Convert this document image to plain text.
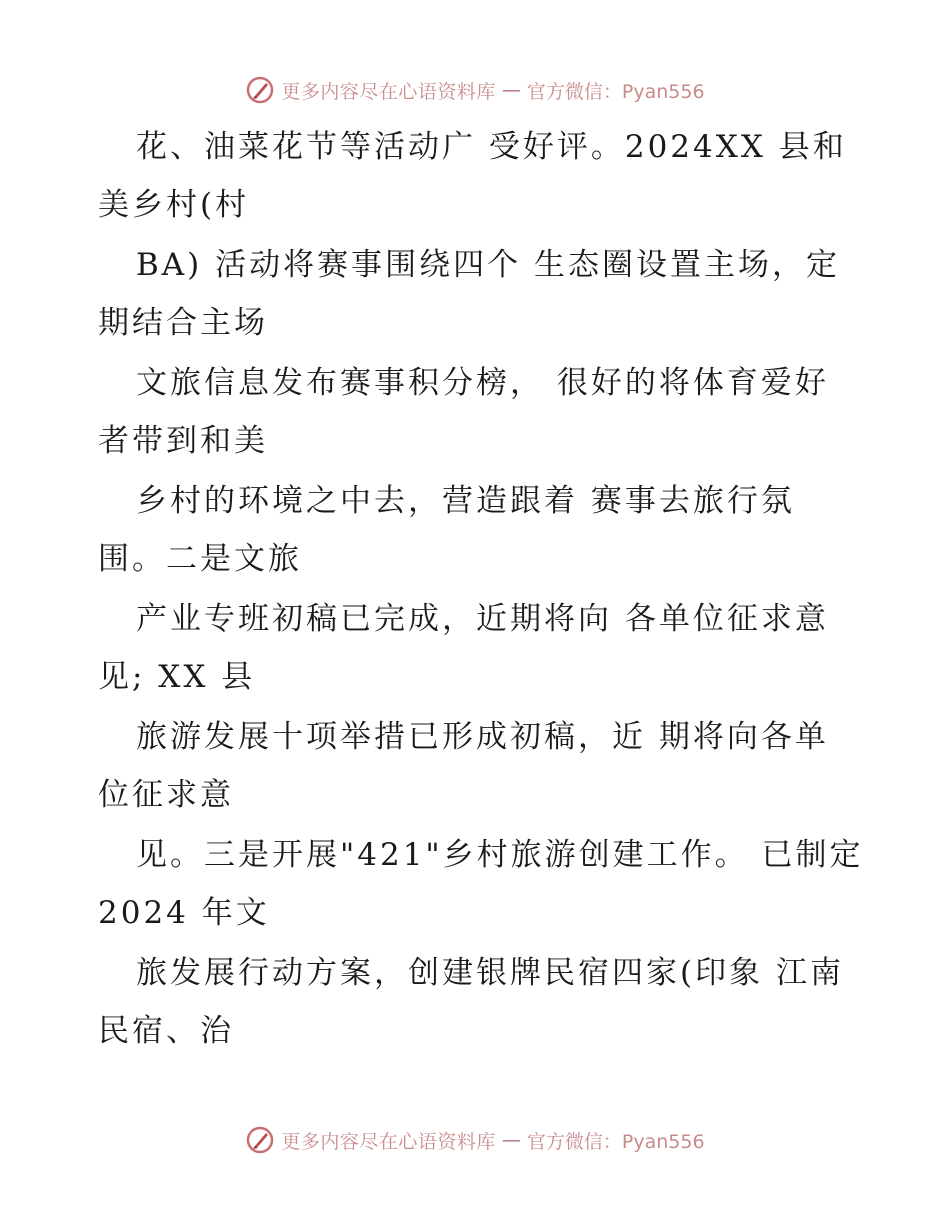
更多内容尽在心语资料库 — 官方微信：Pyan556
花、油菜花节等活动广 受好评。2024XX 县和
美乡村(村
BA) 活动将赛事围绕四个 生态圈设置主场，定
期结合主场
文旅信息发布赛事积分榜， 很好的将体育爱好
者带到和美
乡村的环境之中去，营造跟着 赛事去旅行氛
围。二是文旅
产业专班初稿已完成，近期将向 各单位征求意
见; XX 县
旅游发展十项举措已形成初稿，近 期将向各单
位征求意
见。三是开展"421"乡村旅游创建工作。 已制定
2024 年文
旅发展行动方案，创建银牌民宿四家(印象 江南
民宿、治
更多内容尽在心语资料库 — 官方微信：Pyan556
